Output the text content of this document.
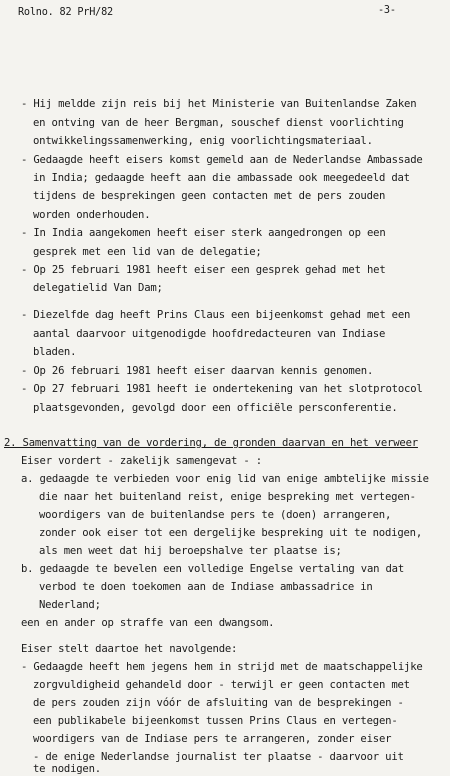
Rolno. 82 PrH/82	-3-
- Hij meldde zijn reis bij het Ministerie van Buitenlandse Zaken
en ontving van de heer Bergman, souschef dienst voorlichting
ontwikkelingssamenwerking, enig voorlichtingsmateriaal.
- Gedaagde heeft eisers komst gemeld aan de Nederlandse Ambassade
in India; gedaagde heeft aan die ambassade ook meegedeeld dat
tijdens de besprekingen geen contacten met de pers zouden
worden onderhouden.
- In India aangekomen heeft eiser sterk aangedrongen op een
gesprek met een lid van de delegatie;
- Op 25 februari 1981 heeft eiser een gesprek gehad met het
delegatielid Van Dam;
- Diezelfde dag heeft Prins Claus een bijeenkomst gehad met een
aantal daarvoor uitgenodigde hoofdredacteuren van Indiase
bladen.
- Op 26 februari 1981 heeft eiser daarvan kennis genomen.
- Op 27 februari 1981 heeft ie ondertekening van het slotprotocol
plaatsgevonden, gevolgd door een officiële persconferentie.
2. Samenvatting van de vordering, de gronden daarvan en het verweer
Eiser vordert - zakelijk samengevat - :
a. gedaagde te verbieden voor enig lid van enige ambtelijke missie
die naar het buitenland reist, enige bespreking met vertegen-
woordigers van de buitenlandse pers te (doen) arrangeren,
zonder ook eiser tot een dergelijke bespreking uit te nodigen,
als men weet dat hij beroepshalve ter plaatse is;
b. gedaagde te bevelen een volledige Engelse vertaling van dat
verbod te doen toekomen aan de Indiase ambassadrice in
Nederland;
een en ander op straffe van een dwangsom.
Eiser stelt daartoe het navolgende:
- Gedaagde heeft hem jegens hem in strijd met de maatschappelijke
zorgvuldigheid gehandeld door - terwijl er geen contacten met
de pers zouden zijn vóór de afsluiting van de besprekingen -
een publikabele bijeenkomst tussen Prins Claus en vertegen-
woordigers van de Indiase pers te arrangeren, zonder eiser
- de enige Nederlandse journalist ter plaatse - daarvoor uit
te nodigen.
